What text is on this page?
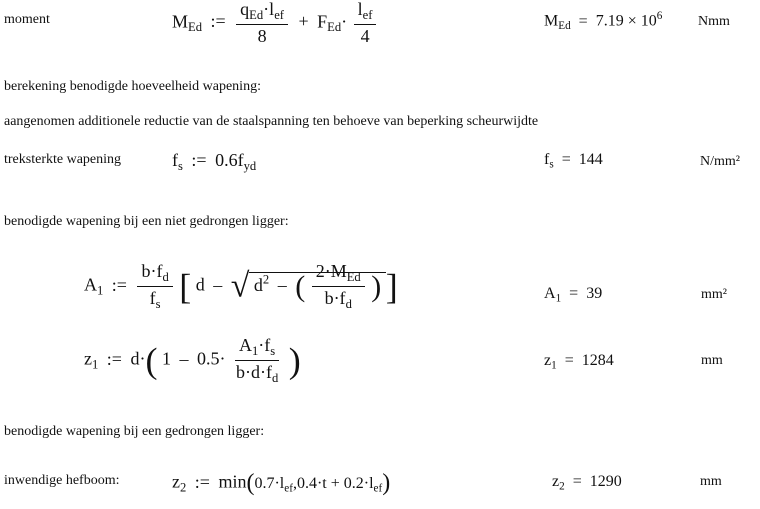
moment	$M_{Ed}$ := $\frac{q_{Ed}\cdot l_{ef}}{8} + F_{Ed}\cdot \frac{l_{ef}}{4}$	$M_{Ed} = 7.19 \times 10^6$	Nmm
berekening benodigde hoeveelheid wapening:
aangenomen additionele reductie van de staalspanning ten behoeve van beperking scheurwijdte
treksterkte wapening	$f_s$ := $0.6f_{yd}$	$f_s = 144$	N/mm²
benodigde wapening bij een niet gedrongen ligger:
$A_1$ := $\frac{b\cdot f_d}{f_s}$ [ d – √ $d^2$ – ( $\frac{2\cdot M_{Ed}}{b\cdot f_d}$ ) ]	$A_1 = 39$	mm²
$z_1$ := d·( $1 - 0.5\cdot \frac{A_1\cdot f_s}{b\cdot d\cdot f_d}$ )	$z_1 = 1284$	mm
benodigde wapening bij een gedrongen ligger:
inwendige hefboom:	$z_2$ := $\min(0.7\cdot l_{ef},0.4\cdot t + 0.2\cdot l_{ef})$	$z_2 = 1290$	mm
